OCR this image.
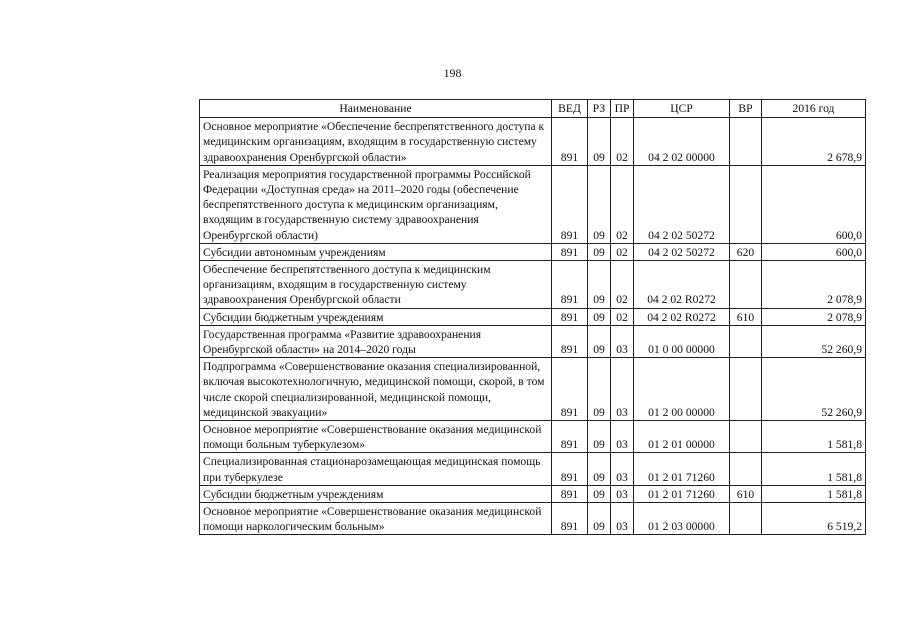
198
Наименование	ВЕД	РЗ	ПР	ЦСР	ВР	2016 год
Основное мероприятие «Обеспечение беспрепятственного доступа к медицинским организациям, входящим в государственную систему здравоохранения Оренбургской области»	891	09	02	04 2 02 00000		2 678,9
Реализация мероприятия государственной программы Российской Федерации «Доступная среда» на 2011–2020 годы (обеспечение беспрепятственного доступа к медицинским организациям, входящим в государственную систему здравоохранения Оренбургской области)	891	09	02	04 2 02 50272		600,0
Субсидии автономным учреждениям	891	09	02	04 2 02 50272	620	600,0
Обеспечение беспрепятственного доступа к медицинским организациям, входящим в государственную систему здравоохранения Оренбургской области	891	09	02	04 2 02 R0272		2 078,9
Субсидии бюджетным учреждениям	891	09	02	04 2 02 R0272	610	2 078,9
Государственная программа «Развитие здравоохранения Оренбургской области» на 2014–2020 годы	891	09	03	01 0 00 00000		52 260,9
Подпрограмма «Совершенствование оказания специализированной, включая высокотехнологичную, медицинской помощи, скорой, в том числе скорой специализированной, медицинской помощи, медицинской эвакуации»	891	09	03	01 2 00 00000		52 260,9
Основное мероприятие «Совершенствование оказания медицинской помощи больным туберкулезом»	891	09	03	01 2 01 00000		1 581,8
Специализированная стационарозамещающая медицинская помощь при туберкулезе	891	09	03	01 2 01 71260		1 581,8
Субсидии бюджетным учреждениям	891	09	03	01 2 01 71260	610	1 581,8
Основное мероприятие «Совершенствование оказания медицинской помощи наркологическим больным»	891	09	03	01 2 03 00000		6 519,2
